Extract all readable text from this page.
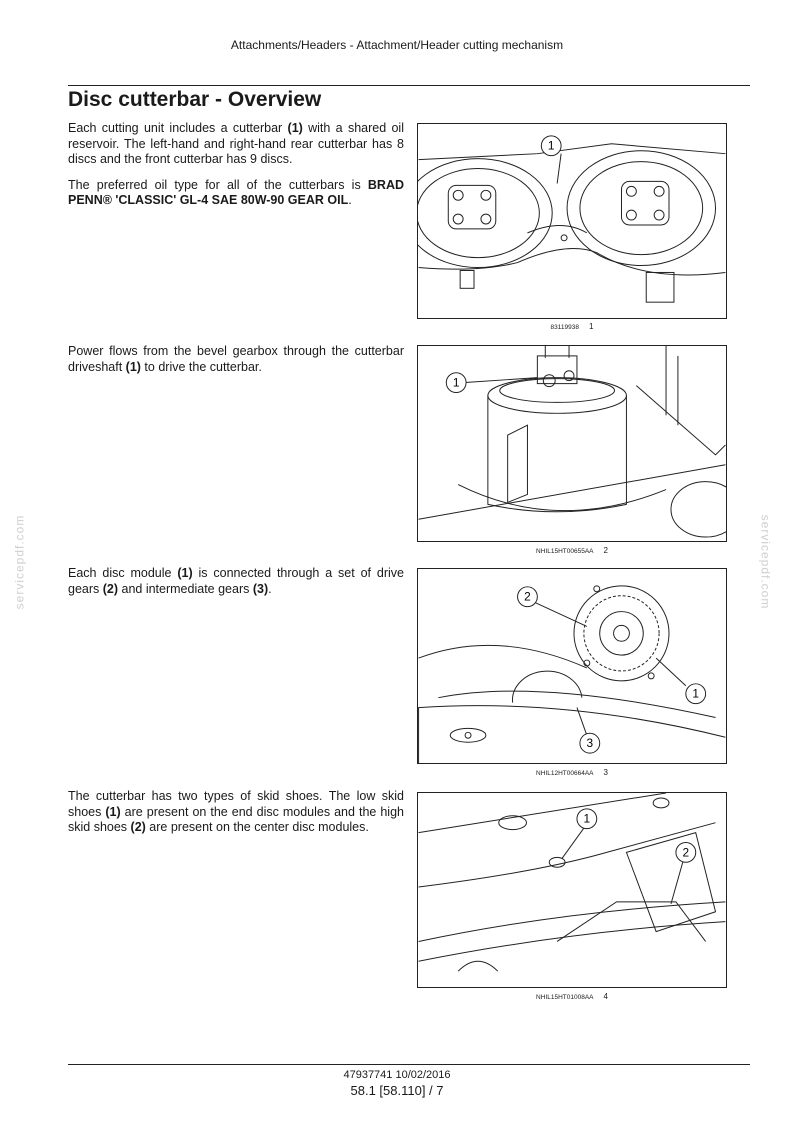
Attachments/Headers - Attachment/Header cutting mechanism
Disc cutterbar - Overview
servicepdf.com	servicepdf.com

Each cutting unit includes a cutterbar (1) with a shared oil reservoir. The left-hand and right-hand rear cutterbar has 8 discs and the front cutterbar has 9 discs.

The preferred oil type for all of the cutterbars is BRAD PENN® 'CLASSIC' GL-4 SAE 80W-90 GEAR OIL.

1
83119938 1

Power flows from the bevel gearbox through the cutterbar driveshaft (1) to drive the cutterbar.

1
NHIL15HT00655AA 2

Each disc module (1) is connected through a set of drive gears (2) and intermediate gears (3).

2
1
3
NHIL12HT00664AA 3

The cutterbar has two types of skid shoes. The low skid shoes (1) are present on the end disc modules and the high skid shoes (2) are present on the center disc modules.

1
2
NHIL15HT01008AA 4
47937741 10/02/2016
58.1 [58.110] / 7
